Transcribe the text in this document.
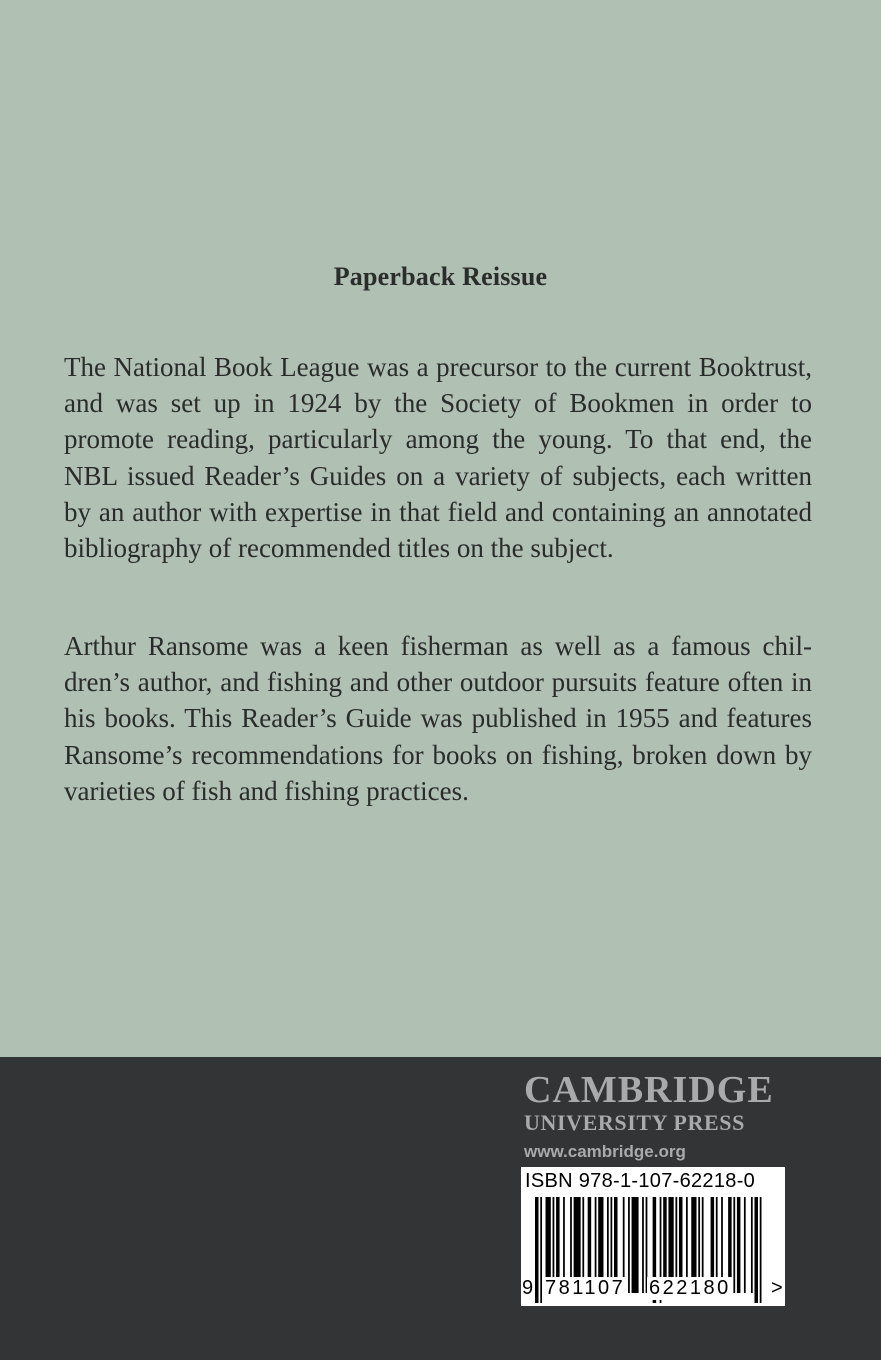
Paperback Reissue

The National Book League was a precursor to the current Booktrust, and was set up in 1924 by the Society of Bookmen in order to promote reading, particularly among the young. To that end, the NBL issued Reader’s Guides on a variety of subjects, each written by an author with expertise in that field and containing an annotated bibliography of recommended titles on the subject.

Arthur Ransome was a keen fisherman as well as a famous children’s author, and fishing and other outdoor pursuits feature often in his books. This Reader’s Guide was published in 1955 and features Ransome’s recommendations for books on fishing, broken down by varieties of fish and fishing practices.

CAMBRIDGE
UNIVERSITY PRESS
www.cambridge.org
ISBN 978-1-107-62218-0
9 781107 622180 >
